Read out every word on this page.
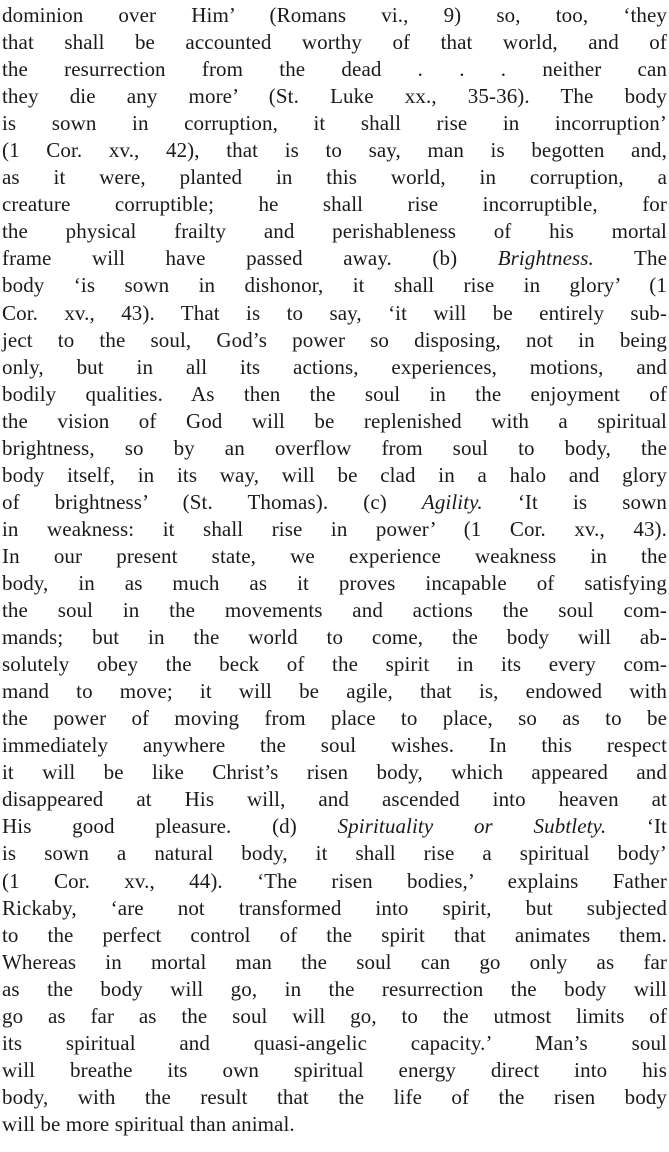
dominion over Him’ (Romans vi., 9) so, too, ‘they
that shall be accounted worthy of that world, and of
the resurrection from the dead . . . neither can
they die any more’ (St. Luke xx., 35-36). The body
is sown in corruption, it shall rise in incorruption’
(1 Cor. xv., 42), that is to say, man is begotten and,
as it were, planted in this world, in corruption, a
creature corruptible; he shall rise incorruptible, for
the physical frailty and perishableness of his mortal
frame will have passed away. (b) Brightness. The
body ‘is sown in dishonor, it shall rise in glory’ (1
Cor. xv., 43). That is to say, ‘it will be entirely sub-
ject to the soul, God’s power so disposing, not in being
only, but in all its actions, experiences, motions, and
bodily qualities. As then the soul in the enjoyment of
the vision of God will be replenished with a spiritual
brightness, so by an overflow from soul to body, the
body itself, in its way, will be clad in a halo and glory
of brightness’ (St. Thomas). (c) Agility. ‘It is sown
in weakness: it shall rise in power’ (1 Cor. xv., 43).
In our present state, we experience weakness in the
body, in as much as it proves incapable of satisfying
the soul in the movements and actions the soul com-
mands; but in the world to come, the body will ab-
solutely obey the beck of the spirit in its every com-
mand to move; it will be agile, that is, endowed with
the power of moving from place to place, so as to be
immediately anywhere the soul wishes. In this respect
it will be like Christ’s risen body, which appeared and
disappeared at His will, and ascended into heaven at
His good pleasure. (d) Spirituality or Subtlety. ‘It
is sown a natural body, it shall rise a spiritual body’
(1 Cor. xv., 44). ‘The risen bodies,’ explains Father
Rickaby, ‘are not transformed into spirit, but subjected
to the perfect control of the spirit that animates them.
Whereas in mortal man the soul can go only as far
as the body will go, in the resurrection the body will
go as far as the soul will go, to the utmost limits of
its spiritual and quasi-angelic capacity.’ Man’s soul
will breathe its own spiritual energy direct into his
body, with the result that the life of the risen body
will be more spiritual than animal.
